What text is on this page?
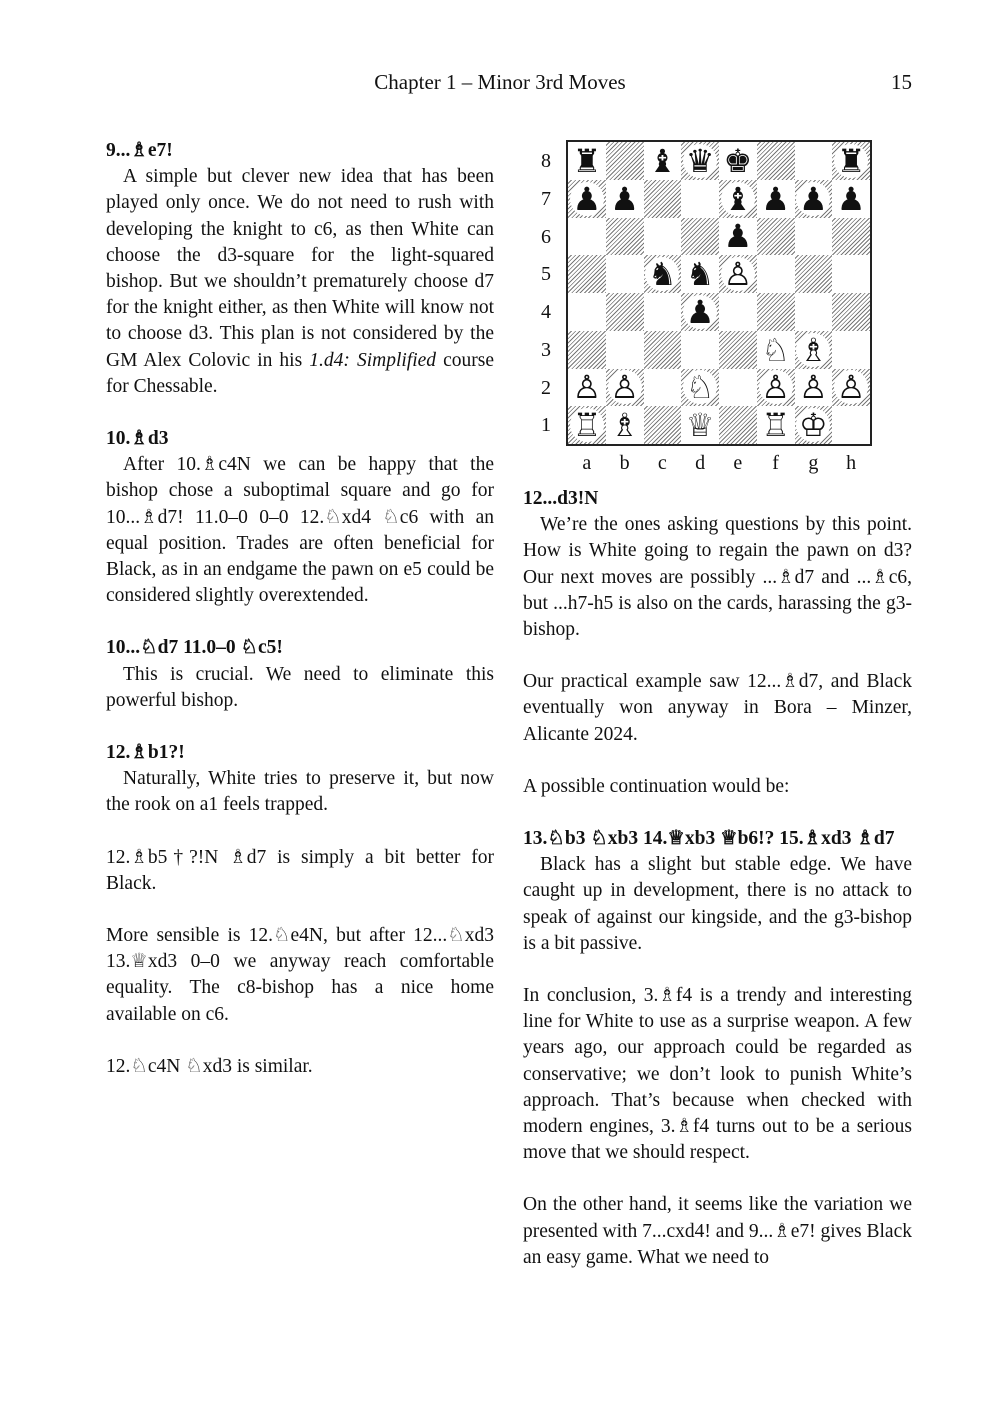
Chapter 1 – Minor 3rd Moves	15

9...♗e7!

A simple but clever new idea that has been played only once. We do not need to rush with developing the knight to c6, as then White can choose the d3-square for the light-squared bishop. But we shouldn’t prematurely choose d7 for the knight either, as then White will know not to choose d3. This plan is not considered by the GM Alex Colovic in his 1.d4: Simplified course for Chessable.

10.♗d3

After 10.♗c4N we can be happy that the bishop chose a suboptimal square and go for 10...♗d7! 11.0–0 0–0 12.♘xd4 ♘c6 with an equal position. Trades are often beneficial for Black, as in an endgame the pawn on e5 could be considered slightly overextended.

10...♘d7 11.0–0 ♘c5!

This is crucial. We need to eliminate this powerful bishop.

12.♗b1?!

Naturally, White tries to preserve it, but now the rook on a1 feels trapped.

12.♗b5†?!N ♗d7 is simply a bit better for Black.

More sensible is 12.♘e4N, but after 12...♘xd3 13.♕xd3 0–0 we anyway reach comfortable equality. The c8-bishop has a nice home available on c6.

12.♘c4N ♘xd3 is similar.

8
7
6
5
4
3
2
1
♜ ♝ ♛ ♚	♜
♟ ♟	♝ ♟ ♟ ♟
♟
♞ ♞ ♙
♟
♘ ♗
♙ ♙ ♘ ♙ ♙ ♙
♖ ♗ ♕ ♖ ♔
a	b	c	d	e	f	g	h

12...d3!N

We’re the ones asking questions by this point. How is White going to regain the pawn on d3? Our next moves are possibly ...♗d7 and ...♗c6, but ...h7-h5 is also on the cards, harassing the g3-bishop.

Our practical example saw 12...♗d7, and Black eventually won anyway in Bora – Minzer, Alicante 2024.

A possible continuation would be:

13.♘b3 ♘xb3 14.♕xb3 ♕b6!? 15.♗xd3 ♗d7

Black has a slight but stable edge. We have caught up in development, there is no attack to speak of against our kingside, and the g3-bishop is a bit passive.

In conclusion, 3.♗f4 is a trendy and interesting line for White to use as a surprise weapon. A few years ago, our approach could be regarded as conservative; we don’t look to punish White’s approach. That’s because when checked with modern engines, 3.♗f4 turns out to be a serious move that we should respect.

On the other hand, it seems like the variation we presented with 7...cxd4! and 9...♗e7! gives Black an easy game. What we need to
